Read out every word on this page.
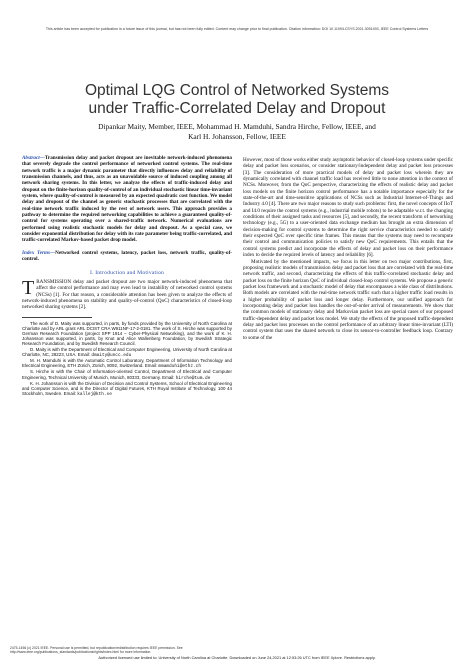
This article has been accepted for publication in a future issue of this journal, but has not been fully edited. Content may change prior to final publication. Citation information: DOI 10.1109/LCSYS.2021.3091493, IEEE Control Systems Letters
Optimal LQG Control of Networked Systems
under Traffic-Correlated Delay and Dropout
Dipankar Maity, Member, IEEE, Mohammad H. Mamduhi, Sandra Hirche, Fellow, IEEE, and
Karl H. Johansson, Fellow, IEEE
Abstract—Transmission delay and packet dropout are inevitable network-induced phenomena that severely degrade the control performance of networked control systems. The real-time network traffic is a major dynamic parameter that directly influences delay and reliability of transmission channels, and thus, acts as an unavoidable source of induced coupling among all network sharing systems. In this letter, we analyze the effects of traffic-induced delay and dropout on the finite-horizon quality-of-control of an individual stochastic linear time-invariant system, where quality-of-control is measured by an expected quadratic cost function. We model delay and dropout of the channel as generic stochastic processes that are correlated with the real-time network traffic induced by the rest of network users. This approach provides a pathway to determine the required networking capabilities to achieve a guaranteed quality-of-control for systems operating over a shared-traffic network. Numerical evaluations are performed using realistic stochastic models for delay and dropout. As a special case, we consider exponential distribution for delay with its rate parameter being traffic-correlated, and traffic-correlated Markov-based packet drop model.
Index Terms—Networked control systems, latency, packet loss, network traffic, quality-of-control.
I. Introduction and Motivation
TRANSMISSION delay and packet dropout are two major network-induced phenomena that affect the control performance and may even lead to instability of networked control systems (NCSs) [1]. For that reason, a considerable attention has been given to analyze the effects of network-induced phenomena on stability and quality-of-control (QoC) characteristics of closed-loop networked sharing systems [2].

The work of D. Maity was supported, in parts, by funds provided by the University of North Carolina at Charlotte and by ARL grant ARL DCIST CRA W911NF-17-2-0181. The work of S. Hirche was supported by German Research Foundation (project SPP 1914 – Cyber-Physical Networking), and the work of K. H. Johansson was supported, in parts, by Knut and Alice Wallenberg Foundation, by Swedish Strategic Research Foundation, and by Swedish Research Council.

D. Maity is with the Department of Electrical and Computer Engineering, University of North Carolina at Charlotte, NC, 28223, USA. Email: dmaity@uncc.edu

M. H. Mamduhi is with the Automatic Control Laboratory, Department of Information Technology and Electrical Engineering, ETH Zürich, Zürich, 8092, Switzerland. Email: mmamduhi@ethz.ch

S. Hirche is with the Chair of Information-oriented Control, Department of Electrical and Computer Engineering, Technical University of Munich, Munich, 80333, Germany. Email: hirche@tum.de

K. H. Johansson is with the Division of Decision and Control Systems, School of Electrical Engineering and Computer Science, and is the Director of Digital Futures, KTH Royal Institute of Technology, 100 44 Stockholm, Sweden. Email: kallej@kth.se

However, most of those works either study asymptotic behavior of closed-loop systems under specific delay and packet loss scenarios, or consider stationary/independent delay and packet loss processes [3]. The consideration of more practical models of delay and packet loss wherein they are dynamically correlated with channel traffic load has received little to none attention in the context of NCSs. Moreover, from the QoC perspective, characterizing the effects of realistic delay and packet loss models on the finite horizon control performance has a notable importance especially for the state-of-the-art and time-sensitive applications of NCSs such as Industrial Internet-of-Things and Industry 4.0 [4]. There are two major reasons to study such problems: first, the novel concepts of IIoT and I4.0 require the control systems (e.g., industrial mobile robots) to be adaptable w.r.t. the changing conditions of their assigned tasks and resources [5], and secondly, the recent transform of networking technology (e.g., 5G) to a user-oriented data exchange medium has brought an extra dimension of decision-making for control systems to determine the right service characteristics needed to satisfy their expected QoC over specific time frames. This means that the systems may need to recompute their control and communication policies to satisfy new QoC requirements. This entails that the control systems predict and incorporate the effects of delay and packet loss on their performance index to decide the required levels of latency and reliability [6].

Motivated by the mentioned impacts, we focus in this letter on two major contributions, first, proposing realistic models of transmission delay and packet loss that are correlated with the real-time network traffic, and second, characterizing the effects of this traffic-correlated stochastic delay and packet loss on the finite horizon QoC of individual closed-loop control systems. We propose a generic packet loss framework and a stochastic model of delay that encompasses a wide class of distributions. Both models are correlated with the real-time network traffic such that a higher traffic load results in a higher probability of packet loss and longer delay. Furthermore, our unified approach for incorporating delay and packet loss handles the out-of-order arrival of measurements. We show that the common models of stationary delay and Markovian packet loss are special cases of our proposed traffic-dependent delay and packet loss model. We study the effects of the proposed traffic-dependent delay and packet loss processes on the control performance of an arbitrary linear time-invariant (LTI) control system that uses the shared network to close its sensor-to-controller feedback loop. Contrary to some of the

2475-1456 (c) 2021 IEEE. Personal use is permitted, but republication/redistribution requires IEEE permission. See http://www.ieee.org/publications_standards/publications/rights/index.html for more information.
Authorized licensed use limited to: University of North Carolina at Charlotte. Downloaded on June 24,2021 at 12:53:26 UTC from IEEE Xplore. Restrictions apply.
